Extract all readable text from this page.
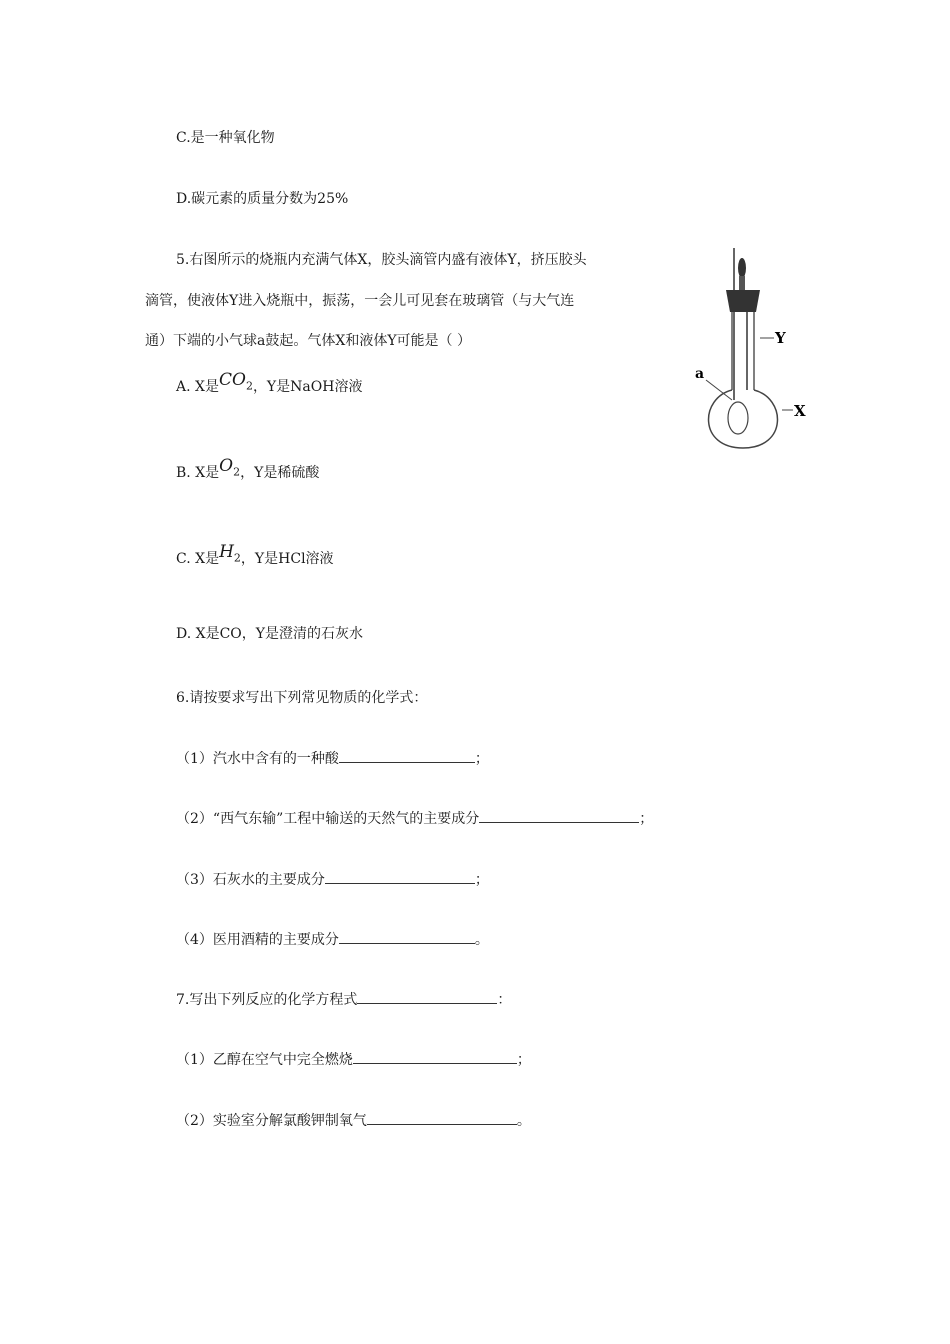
C.是一种氧化物
D.碳元素的质量分数为25%
5.右图所示的烧瓶内充满气体X，胶头滴管内盛有液体Y，挤压胶头
滴管，使液体Y进入烧瓶中，振荡，一会儿可见套在玻璃管（与大气连
通）下端的小气球a鼓起。气体X和液体Y可能是（ ）
A. X是$CO_2$，Y是NaOH溶液
B. X是$O_2$，Y是稀硫酸
C. X是$H_2$，Y是HCl溶液
D. X是CO，Y是澄清的石灰水
Y
X
a
6.请按要求写出下列常见物质的化学式：
（1）汽水中含有的一种酸	；
（2）“西气东输”工程中输送的天然气的主要成分	；
（3）石灰水的主要成分	；
（4）医用酒精的主要成分	。
7.写出下列反应的化学方程式	：
（1）乙醇在空气中完全燃烧	；
（2）实验室分解氯酸钾制氧气	。
